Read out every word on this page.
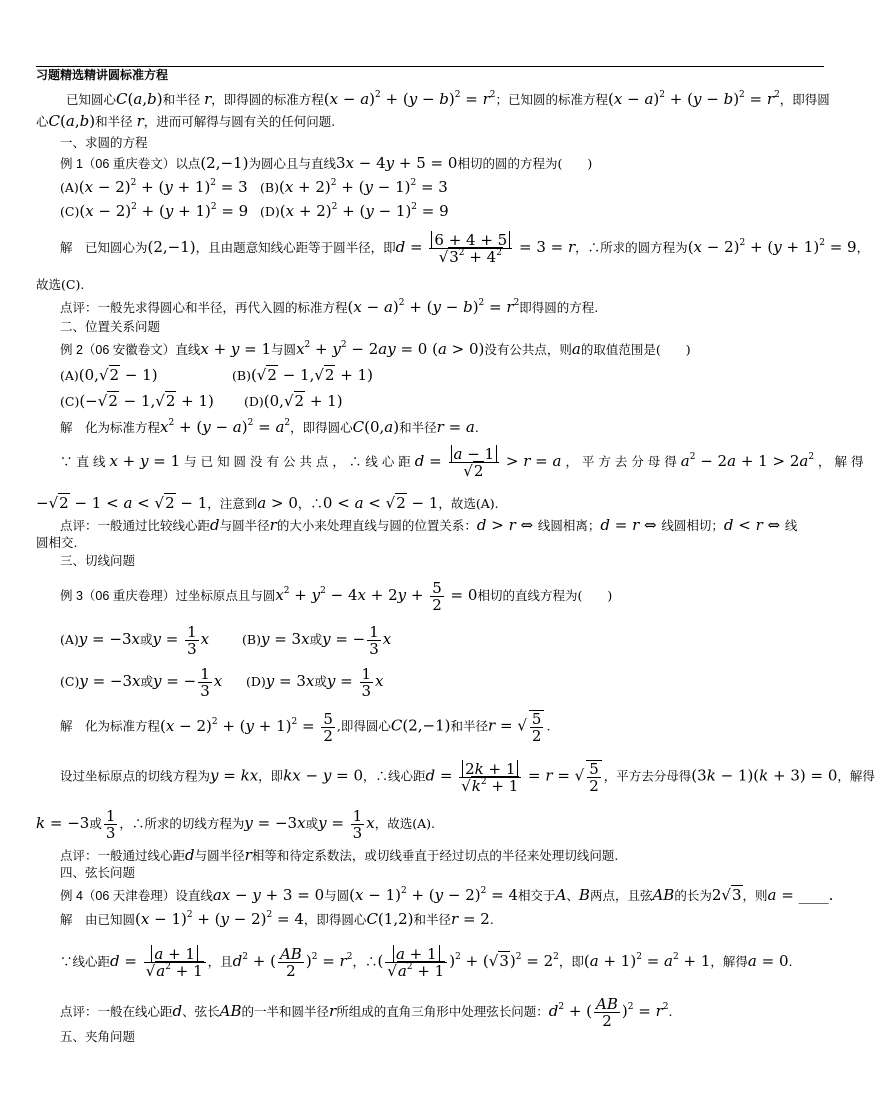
习题精选精讲圆标准方程
已知圆心C(a,b)和半径 r，即得圆的标准方程$(x - a)^2 + (y - b)^2 = r^2$；已知圆的标准方程$(x - a)^2 + (y - b)^2 = r^2$，即得圆
心C(a,b)和半径 r，进而可解得与圆有关的任何问题.
一、求圆的方程
例 1（06 重庆卷文）以点(2,−1)为圆心且与直线3x − 4y + 5 = 0相切的圆的方程为(　　)
$(A)(x - 2)^2 + (y + 1)^2 = 3$ $(B)(x + 2)^2 + (y - 1)^2 = 3$
$(C)(x - 2)^2 + (y + 1)^2 = 9$ $(D)(x + 2)^2 + (y - 1)^2 = 9$
解　已知圆心为(2,−1)，且由题意知线心距等于圆半径，即$d = \frac{6 + 4 + 5}{√3^2 + 4^2} = 3 = r$，∴所求的圆方程为$(x - 2)^2 + (y + 1)^2 = 9$，
故选(C).
点评：一般先求得圆心和半径，再代入圆的标准方程$(x - a)^2 + (y - b)^2 = r^2$即得圆的方程.
二、位置关系问题
例 2（06 安徽卷文）直线x + y = 1与圆$x^2 + y^2 - 2ay = 0$ (a > 0)没有公共点，则a的取值范围是(　　)
(A)(0,√2 − 1)	(B)(√2 − 1,√2 + 1)
(C)(−√2 − 1,√2 + 1) (D)(0,√2 + 1)
解　化为标准方程$x^2 + (y - a)^2 = a^2$，即得圆心C(0,a)和半径r = a.
∵ 直 线 x + y = 1 与 已 知 圆 没 有 公 共 点 ， ∴ 线 心 距 $d = \frac{a - 1}{√2} > r = a$ ， 平 方 去 分 母 得 $a^2 - 2a + 1 > 2a^2$ ， 解 得
−√2 − 1 < a < √2 − 1，注意到a > 0，∴0 < a < √2 − 1，故选(A).
点评：一般通过比较线心距d与圆半径r的大小来处理直线与圆的位置关系：d > r ⇔ 线圆相离；d = r ⇔ 线圆相切；d < r ⇔ 线
圆相交.
三、切线问题
例 3（06 重庆卷理）过坐标原点且与圆$x^2 + y^2 - 4x + 2y + \frac{5}{2} = 0$相切的直线方程为(　　)
(A)y = −3x或$y = \frac{1}{3}$ x	(B)y = 3x或y = − $\frac{1}{3}$ x
(C)y = −3x或y = − $\frac{1}{3}$ x (D)y = 3x或$y = \frac{1}{3}$ x
解　化为标准方程$(x - 2)^2 + (y + 1)^2 = \frac{5}{2}$ ,即得圆心C(2,−1)和半径r = √ $\frac{5}{2}$ .
设过坐标原点的切线方程为y = kx，即kx − y = 0，∴线心距$d = \frac{2k + 1}{√k^2 + 1} = r$ = √ $\frac{5}{2}$ ，平方去分母得(3k − 1)(k + 3) = 0，解得
k = −3或 $\frac{1}{3}$ ，∴所求的切线方程为y = −3x或$y = \frac{1}{3}$ x，故选(A).
点评：一般通过线心距d与圆半径r相等和待定系数法，或切线垂直于经过切点的半径来处理切线问题.
四、弦长问题
例 4（06 天津卷理）设直线ax − y + 3 = 0与圆$(x - 1)^2 + (y - 2)^2 = 4$相交于A、B两点，且弦AB的长为2√3，则a = ____.
解　由已知圆$(x - 1)^2 + (y - 2)^2 = 4$，即得圆心C(1,2)和半径r = 2.
∵线心距$d = \frac{a + 1}{√a^2 + 1}$ ，且$d^2$ + ( $\frac{AB}{2} )^2 = r^2$，∴( $\frac{a + 1}{√a^2 + 1} )^2 + (√3)^2 = 2^2$，即$(a + 1)^2 = a^2 + 1$，解得a = 0.
点评：一般在线心距d、弦长AB的一半和圆半径r所组成的直角三角形中处理弦长问题：$d^2$ + ( $\frac{AB}{2} )^2 = r^2$.
五、夹角问题
